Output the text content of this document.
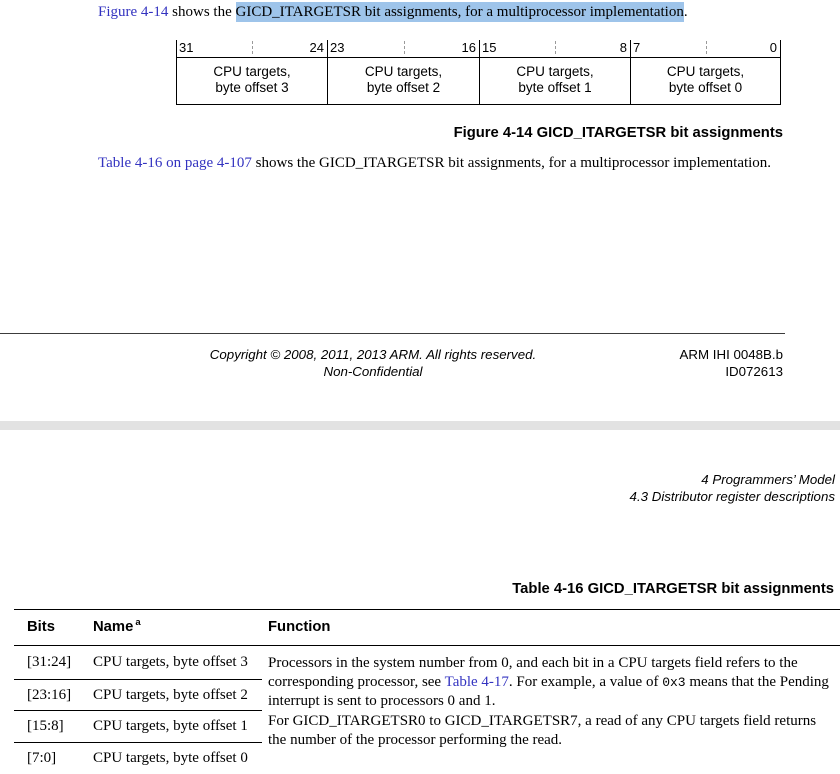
Figure 4-14 shows the GICD_ITARGETSR bit assignments, for a multiprocessor implementation.
31	24
CPU targets,
byte offset 3
23	16
CPU targets,
byte offset 2
15	8
CPU targets,
byte offset 1
7	0
CPU targets,
byte offset 0
Figure 4-14 GICD_ITARGETSR bit assignments
Table 4-16 on page 4-107 shows the GICD_ITARGETSR bit assignments, for a multiprocessor implementation.
Copyright © 2008, 2011, 2013 ARM. All rights reserved.
Non-Confidential
ARM IHI 0048B.b
ID072613
4 Programmers’ Model
4.3 Distributor register descriptions
Table 4-16 GICD_ITARGETSR bit assignments
Bits	Name $^a$	Function
[31:24] CPU targets, byte offset 3
[23:16] CPU targets, byte offset 2
[15:8] CPU targets, byte offset 1
[7:0] CPU targets, byte offset 0
Processors in the system number from 0, and each bit in a CPU targets field refers to the
corresponding processor, see Table 4-17. For example, a value of 0x3 means that the Pending
interrupt is sent to processors 0 and 1.
For GICD_ITARGETSR0 to GICD_ITARGETSR7, a read of any CPU targets field returns
the number of the processor performing the read.
